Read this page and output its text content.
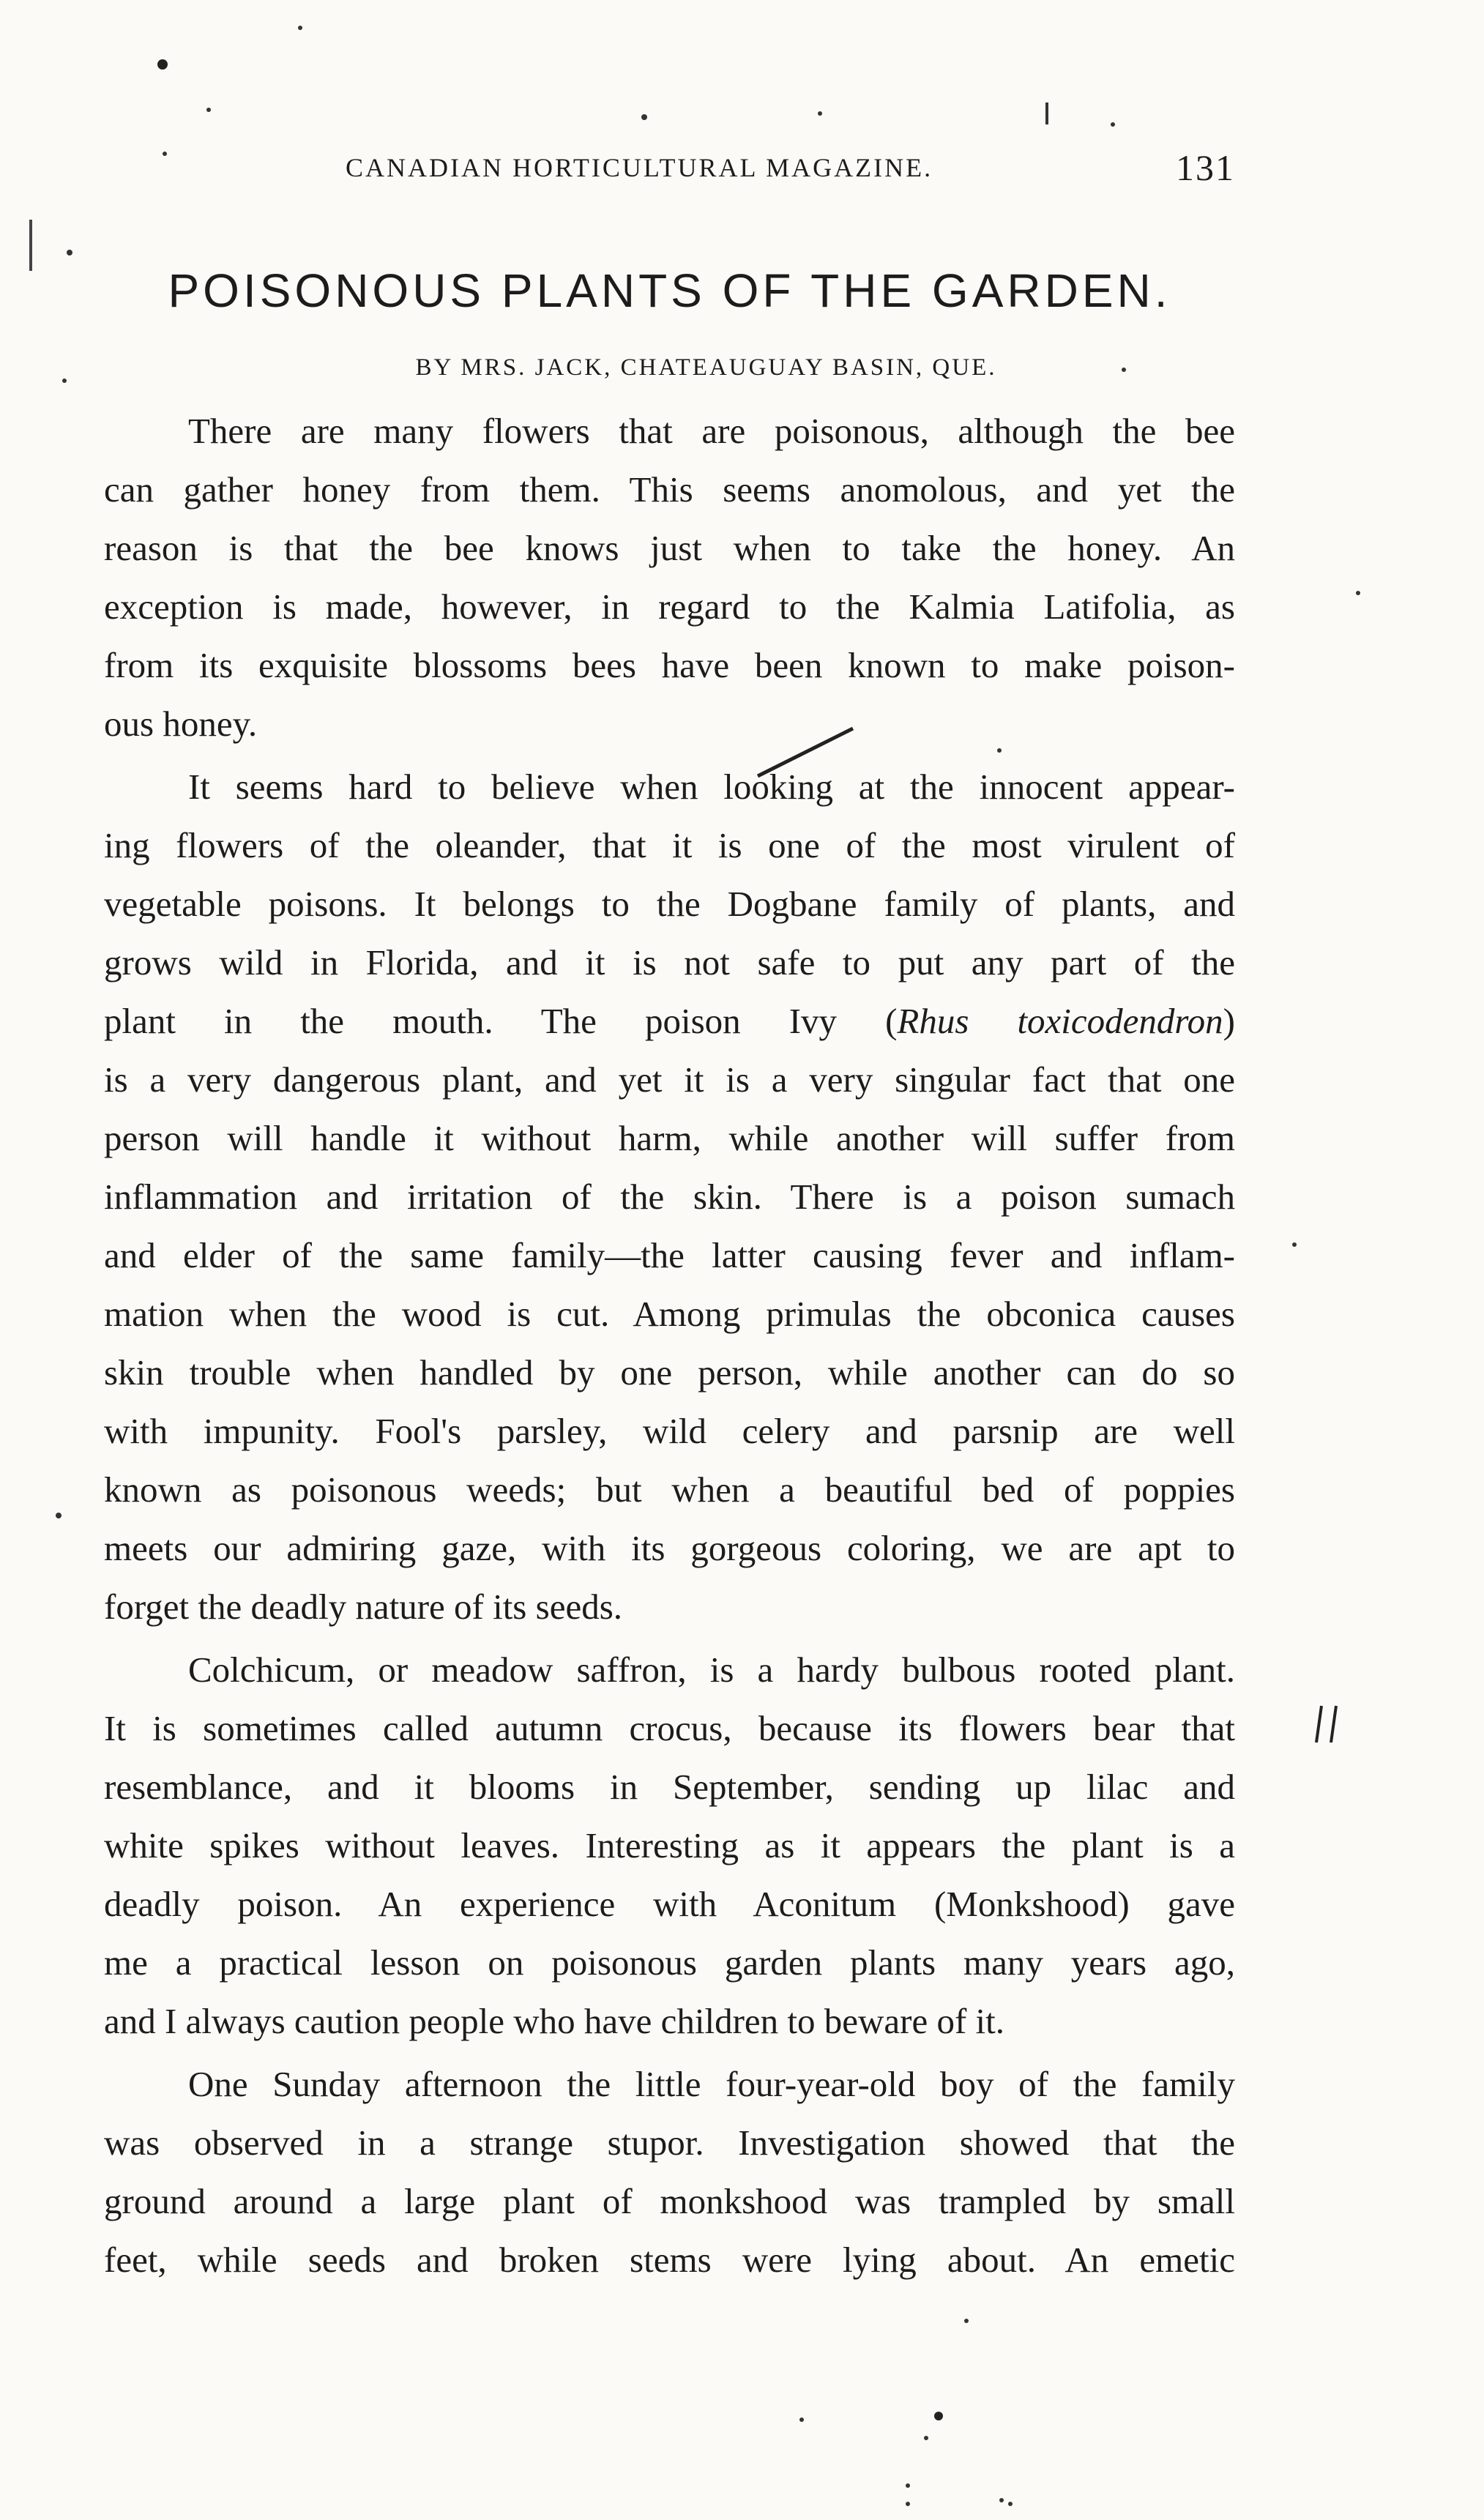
CANADIAN HORTICULTURAL MAGAZINE.	131
POISONOUS PLANTS OF THE GARDEN.
BY MRS. JACK, CHATEAUGUAY BASIN, QUE.

There are many flowers that are poisonous, although the bee
can gather honey from them. This seems anomolous, and yet the
reason is that the bee knows just when to take the honey. An
exception is made, however, in regard to the Kalmia Latifolia, as
from its exquisite blossoms bees have been known to make poison-
ous honey.

It seems hard to believe when looking at the innocent appear-
ing flowers of the oleander, that it is one of the most virulent of
vegetable poisons. It belongs to the Dogbane family of plants, and
grows wild in Florida, and it is not safe to put any part of the
plant in the mouth. The poison Ivy (Rhus toxicodendron)
is a very dangerous plant, and yet it is a very singular fact that one
person will handle it without harm, while another will suffer from
inflammation and irritation of the skin. There is a poison sumach
and elder of the same family—the latter causing fever and inflam-
mation when the wood is cut. Among primulas the obconica causes
skin trouble when handled by one person, while another can do so
with impunity. Fool's parsley, wild celery and parsnip are well
known as poisonous weeds; but when a beautiful bed of poppies
meets our admiring gaze, with its gorgeous coloring, we are apt to
forget the deadly nature of its seeds.

Colchicum, or meadow saffron, is a hardy bulbous rooted plant.
It is sometimes called autumn crocus, because its flowers bear that
resemblance, and it blooms in September, sending up lilac and
white spikes without leaves. Interesting as it appears the plant is a
deadly poison. An experience with Aconitum (Monkshood) gave
me a practical lesson on poisonous garden plants many years ago,
and I always caution people who have children to beware of it.

One Sunday afternoon the little four-year-old boy of the family
was observed in a strange stupor. Investigation showed that the
ground around a large plant of monkshood was trampled by small
feet, while seeds and broken stems were lying about. An emetic
